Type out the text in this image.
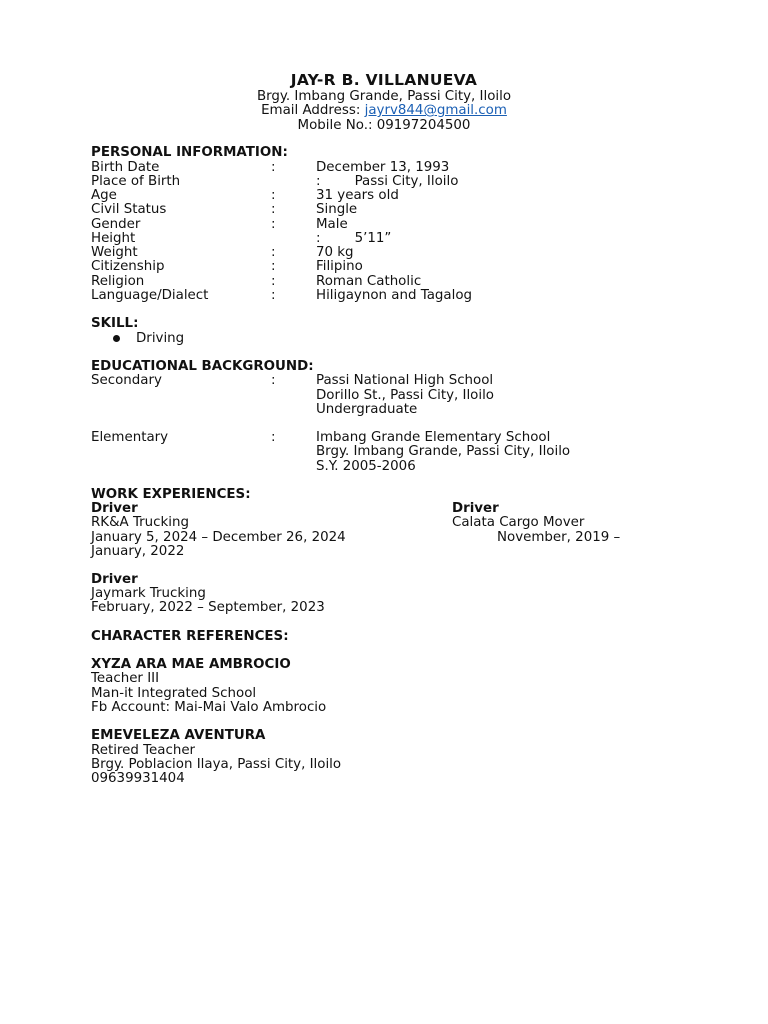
JAY-R B. VILLANUEVA
Brgy. Imbang Grande, Passi City, Iloilo
Email Address: jayrv844@gmail.com
Mobile No.: 09197204500
PERSONAL INFORMATION:
Birth Date	:	December 13, 1993
Place of Birth	:        Passi City, Iloilo
Age	:	31 years old
Civil Status	:	Single
Gender	:	Male
Height	:        5’11”
Weight	:	70 kg
Citizenship	:	Filipino
Religion	:	Roman Catholic
Language/Dialect	:	Hiligaynon and Tagalog
SKILL:
Driving
EDUCATIONAL BACKGROUND:
Secondary	:	Passi National High School
Dorillo St., Passi City, Iloilo
Undergraduate
Elementary	:	Imbang Grande Elementary School
Brgy. Imbang Grande, Passi City, Iloilo
S.Y. 2005-2006
WORK EXPERIENCES:
Driver
RK&A Trucking
January 5, 2024 – December 26, 2024
Driver
Calata Cargo Mover
November, 2019 –
January, 2022
Driver
Jaymark Trucking
February, 2022 – September, 2023
CHARACTER REFERENCES:
XYZA ARA MAE AMBROCIO
Teacher III
Man-it Integrated School
Fb Account: Mai-Mai Valo Ambrocio
EMEVELEZA AVENTURA
Retired Teacher
Brgy. Poblacion Ilaya, Passi City, Iloilo
09639931404
